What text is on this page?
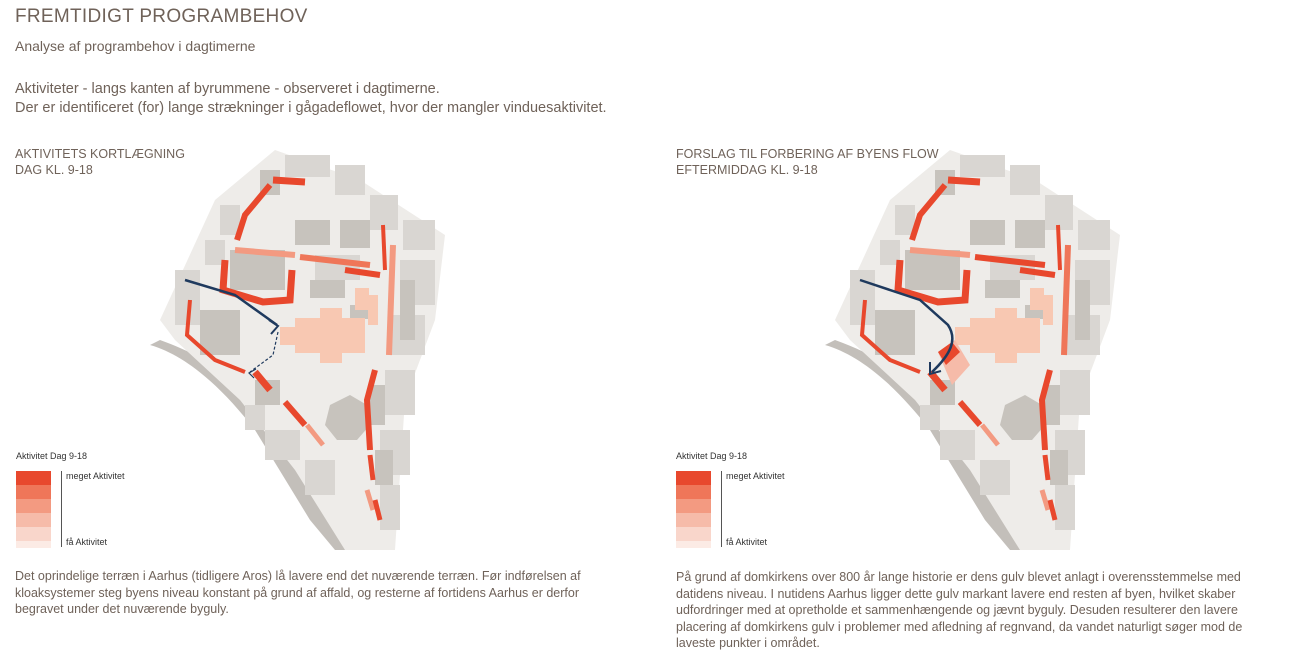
FREMTIDIGT PROGRAMBEHOV
Analyse af programbehov i dagtimerne
Aktiviteter - langs kanten af byrummene - observeret i dagtimerne.
Der er identificeret (for) lange strækninger i gågadeflowet, hvor der mangler vinduesaktivitet.
AKTIVITETS KORTLÆGNING
DAG KL. 9-18
Aktivitet Dag 9-18
meget Aktivitet
få Aktivitet
Det oprindelige terræn i Aarhus (tidligere Aros) lå lavere end det nuværende terræn. Før indførelsen af kloaksystemer steg byens niveau konstant på grund af affald, og resterne af fortidens Aarhus er derfor begravet under det nuværende byguly.
FORSLAG TIL FORBERING AF BYENS FLOW
EFTERMIDDAG KL. 9-18
Aktivitet Dag 9-18
meget Aktivitet
få Aktivitet
På grund af domkirkens over 800 år lange historie er dens gulv blevet anlagt i overensstemmelse med datidens niveau. I nutidens Aarhus ligger dette gulv markant lavere end resten af byen, hvilket skaber udfordringer med at opretholde et sammenhængende og jævnt byguly. Desuden resulterer den lavere placering af domkirkens gulv i problemer med afledning af regnvand, da vandet naturligt søger mod de laveste punkter i området.
